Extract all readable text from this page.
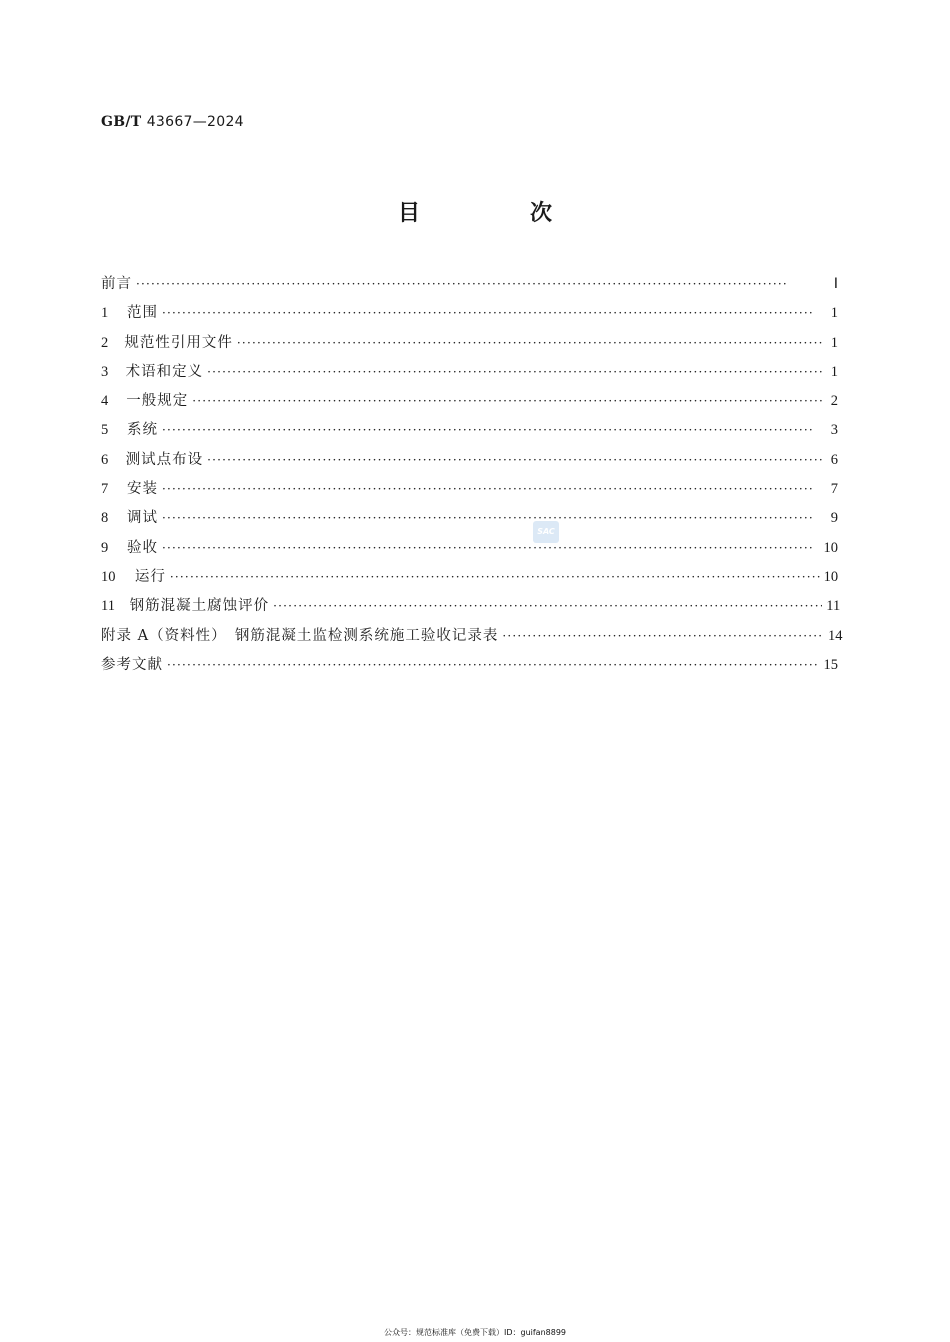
GB/T 43667—2024
目　次
前言 ·····	Ⅰ
1	范围 ·····	1
2	规范性引用文件 ·····	1
3	术语和定义 ·····	1
4	一般规定 ·····	2
5	系统 ·····	3
6	测试点布设 ·····	6
7	安装 ·····	7
8	调试 ·····	9
9	验收 ·····	10
10	运行 ·····	10
11	钢筋混凝土腐蚀评价 ·····	11
附录 A（资料性）　钢筋混凝土监检测系统施工验收记录表 ·····	14
参考文献 ·····	15
SAC
公众号：规范标准库（免费下载）ID：guifan8899
